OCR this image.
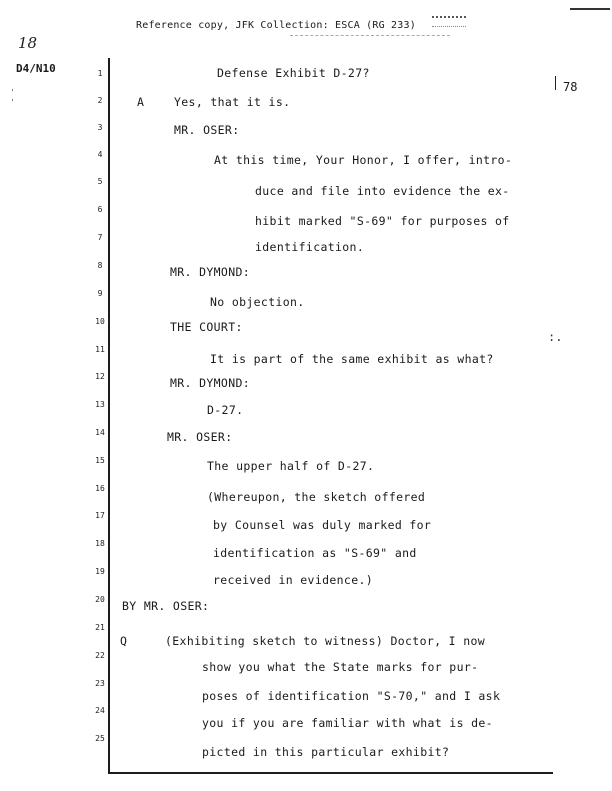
Reference copy, JFK Collection: ESCA (RG 233)
18
D4/N10
'
'
78
:.
1
2
3
4
5
6
7
8
9
10
11
12
13
14
15
16
17
18
19
20
21
22
23
24
25
Defense Exhibit D-27?
A	Yes, that it is.
MR. OSER:
At this time, Your Honor, I offer, intro-
duce and file into evidence the ex-
hibit marked "S-69" for purposes of
identification.
MR. DYMOND:
No objection.
THE COURT:
It is part of the same exhibit as what?
MR. DYMOND:
D-27.
MR. OSER:
The upper half of D-27.
(Whereupon, the sketch offered
by Counsel was duly marked for
identification as "S-69" and
received in evidence.)
BY MR. OSER:
Q	(Exhibiting sketch to witness) Doctor, I now
show you what the State marks for pur-
poses of identification "S-70," and I ask
you if you are familiar with what is de-
picted in this particular exhibit?
